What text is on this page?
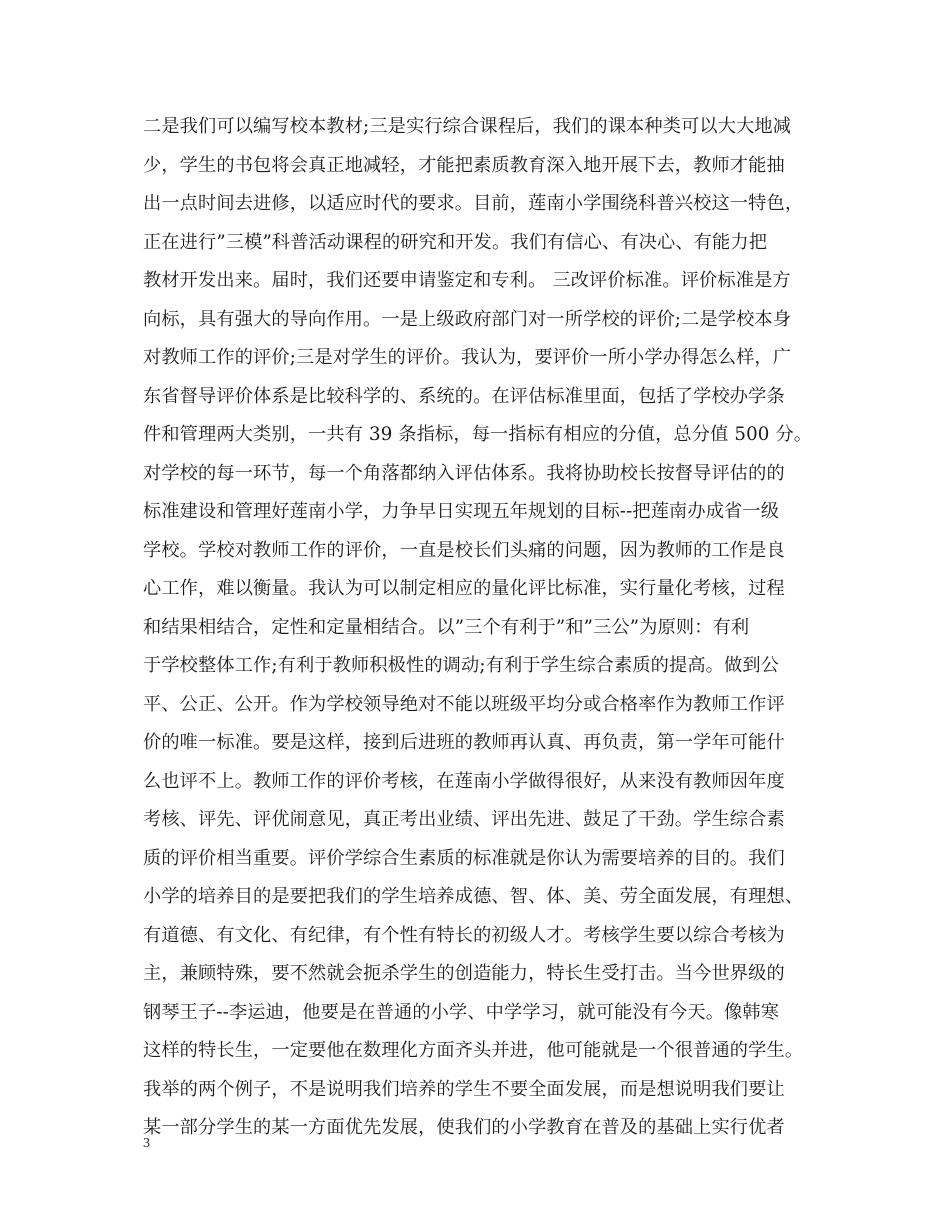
二是我们可以编写校本教材;三是实行综合课程后，我们的课本种类可以大大地减
少，学生的书包将会真正地减轻，才能把素质教育深入地开展下去，教师才能抽
出一点时间去进修，以适应时代的要求。目前，莲南小学围绕科普兴校这一特色，
正在进行”三模”科普活动课程的研究和开发。我们有信心、有决心、有能力把
教材开发出来。届时，我们还要申请鉴定和专利。 三改评价标准。评价标准是方
向标，具有强大的导向作用。一是上级政府部门对一所学校的评价;二是学校本身
对教师工作的评价;三是对学生的评价。我认为，要评价一所小学办得怎么样，广
东省督导评价体系是比较科学的、系统的。在评估标准里面，包括了学校办学条
件和管理两大类别，一共有 39 条指标，每一指标有相应的分值，总分值 500 分。
对学校的每一环节，每一个角落都纳入评估体系。我将协助校长按督导评估的的
标准建设和管理好莲南小学，力争早日实现五年规划的目标--把莲南办成省一级
学校。学校对教师工作的评价，一直是校长们头痛的问题，因为教师的工作是良
心工作，难以衡量。我认为可以制定相应的量化评比标准，实行量化考核，过程
和结果相结合，定性和定量相结合。以”三个有利于”和”三公”为原则：有利
于学校整体工作;有利于教师积极性的调动;有利于学生综合素质的提高。做到公
平、公正、公开。作为学校领导绝对不能以班级平均分或合格率作为教师工作评
价的唯一标准。要是这样，接到后进班的教师再认真、再负责，第一学年可能什
么也评不上。教师工作的评价考核，在莲南小学做得很好，从来没有教师因年度
考核、评先、评优闹意见，真正考出业绩、评出先进、鼓足了干劲。学生综合素
质的评价相当重要。评价学综合生素质的标准就是你认为需要培养的目的。我们
小学的培养目的是要把我们的学生培养成德、智、体、美、劳全面发展，有理想、
有道德、有文化、有纪律，有个性有特长的初级人才。考核学生要以综合考核为
主，兼顾特殊，要不然就会扼杀学生的创造能力，特长生受打击。当今世界级的
钢琴王子--李运迪，他要是在普通的小学、中学学习，就可能没有今天。像韩寒
这样的特长生，一定要他在数理化方面齐头并进，他可能就是一个很普通的学生。
我举的两个例子，不是说明我们培养的学生不要全面发展，而是想说明我们要让
某一部分学生的某一方面优先发展，使我们的小学教育在普及的基础上实行优者
3
